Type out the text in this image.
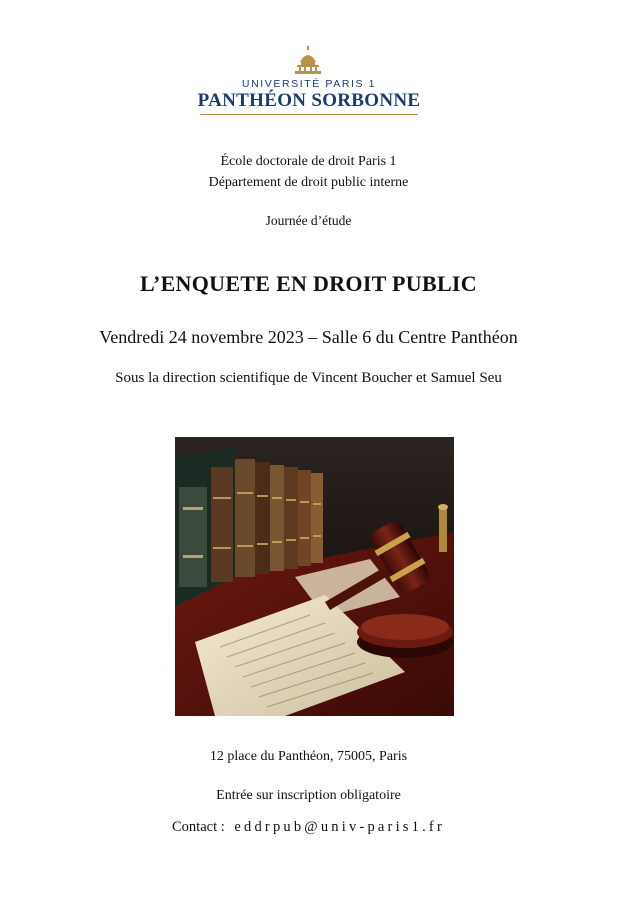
UNIVERSITÉ PARIS 1
PANTHÉON SORBONNE
École doctorale de droit Paris 1
Département de droit public interne
Journée d’étude
L’ENQUETE EN DROIT PUBLIC
Vendredi 24 novembre 2023 – Salle 6 du Centre Panthéon
Sous la direction scientifique de Vincent Boucher et Samuel Seu
12 place du Panthéon, 75005, Paris
Entrée sur inscription obligatoire
Contact : eddrpub@univ-paris1.fr
